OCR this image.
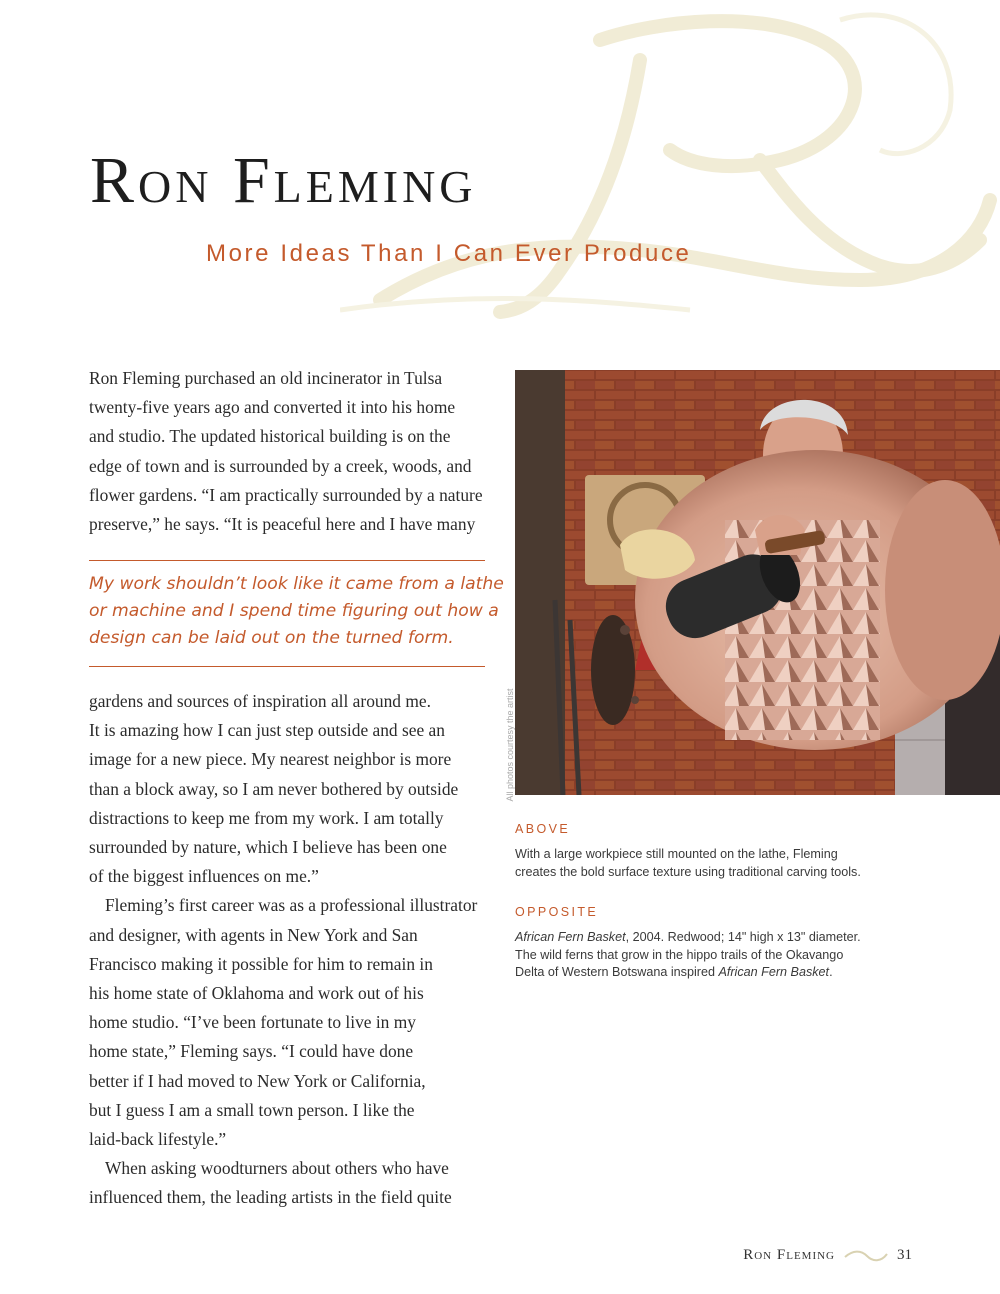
Ron Fleming
More Ideas Than I Can Ever Produce

Ron Fleming purchased an old incinerator in Tulsa
twenty-five years ago and converted it into his home
and studio. The updated historical building is on the
edge of town and is surrounded by a creek, woods, and
flower gardens. “I am practically surrounded by a nature
preserve,” he says. “It is peaceful here and I have many

My work shouldn’t look like it came from a lathe
or machine and I spend time figuring out how a
design can be laid out on the turned form.

gardens and sources of inspiration all around me.
It is amazing how I can just step outside and see an
image for a new piece. My nearest neighbor is more
than a block away, so I am never bothered by outside
distractions to keep me from my work. I am totally
surrounded by nature, which I believe has been one
of the biggest influences on me.”
Fleming’s first career was as a professional illustrator
and designer, with agents in New York and San
Francisco making it possible for him to remain in
his home state of Oklahoma and work out of his
home studio. “I’ve been fortunate to live in my
home state,” Fleming says. “I could have done
better if I had moved to New York or California,
but I guess I am a small town person. I like the
laid-back lifestyle.”
When asking woodturners about others who have
influenced them, the leading artists in the field quite

All photos courtesy the artist
ABOVE

With a large workpiece still mounted on the lathe, Fleming
creates the bold surface texture using traditional carving tools.

OPPOSITE

African Fern Basket, 2004. Redwood; 14" high x 13" diameter.
The wild ferns that grow in the hippo trails of the Okavango
Delta of Western Botswana inspired African Fern Basket.

Ron Fleming	31
